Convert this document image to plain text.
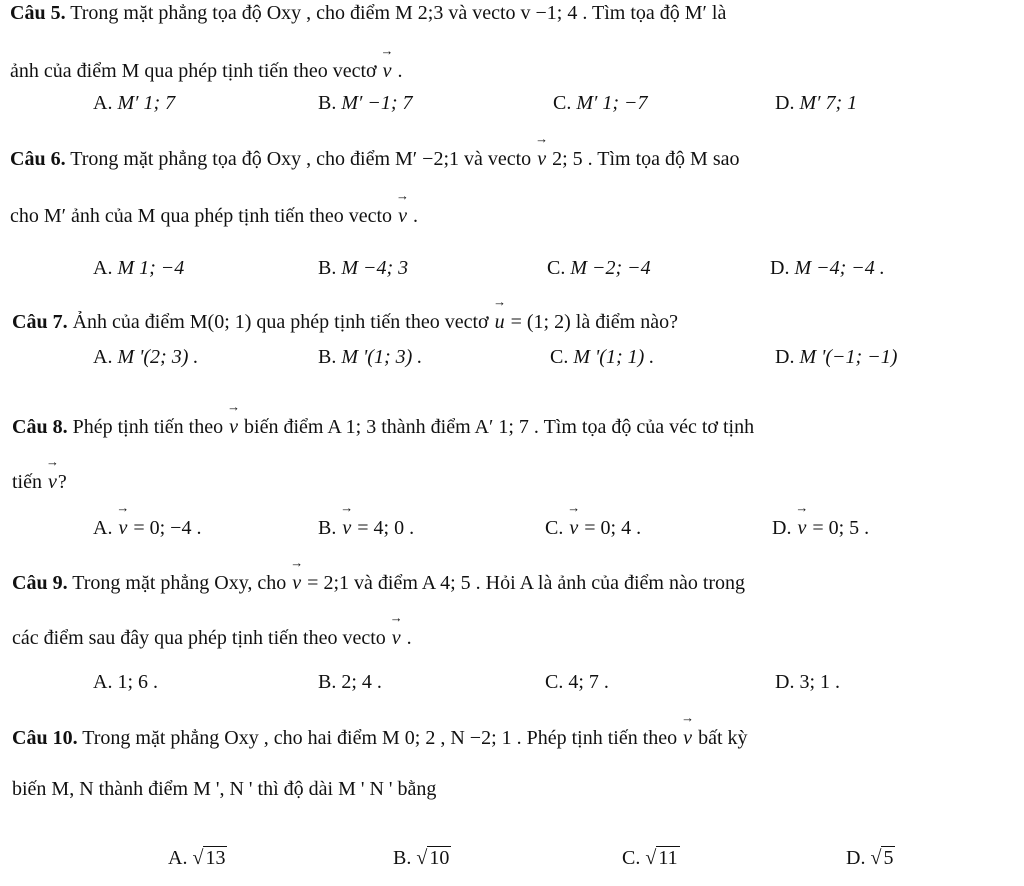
Câu 5. Trong mặt phẳng tọa độ Oxy , cho điểm M 2;3 và vecto v −1; 4 . Tìm tọa độ M′ là
ảnh của điểm M qua phép tịnh tiến theo vectơ → v .
A. M′ 1; 7	B. M′ −1; 7	C. M′ 1; −7	D. M′ 7; 1
Câu 6. Trong mặt phẳng tọa độ Oxy , cho điểm M′ −2;1 và vecto → v 2; 5 . Tìm tọa độ M sao
cho M′ ảnh của M qua phép tịnh tiến theo vecto → v .
A. M 1; −4	B. M −4; 3	C. M −2; −4	D. M −4; −4 .
Câu 7. Ảnh của điểm M(0; 1) qua phép tịnh tiến theo vectơ → u = (1; 2) là điểm nào?
A. M '(2; 3) .	B. M '(1; 3) .	C. M '(1; 1) .	D. M '(−1; −1)
Câu 8. Phép tịnh tiến theo → v biến điểm A 1; 3 thành điểm A′ 1; 7 . Tìm tọa độ của véc tơ tịnh
tiến → v?
A. → v = 0; −4 .	B. → v = 4; 0 .	C. → v = 0; 4 .	D. → v = 0; 5 .
Câu 9. Trong mặt phẳng Oxy, cho → v = 2;1 và điểm A 4; 5 . Hỏi A là ảnh của điểm nào trong
các điểm sau đây qua phép tịnh tiến theo vecto → v .
A. 1; 6 .	B. 2; 4 .	C. 4; 7 .	D. 3; 1 .
Câu 10. Trong mặt phẳng Oxy , cho hai điểm M 0; 2 , N −2; 1 . Phép tịnh tiến theo → v bất kỳ
biến M, N thành điểm M ', N ' thì độ dài M ' N ' bằng
A. √ 13	B. √ 10	C. √ 11	D. √ 5
